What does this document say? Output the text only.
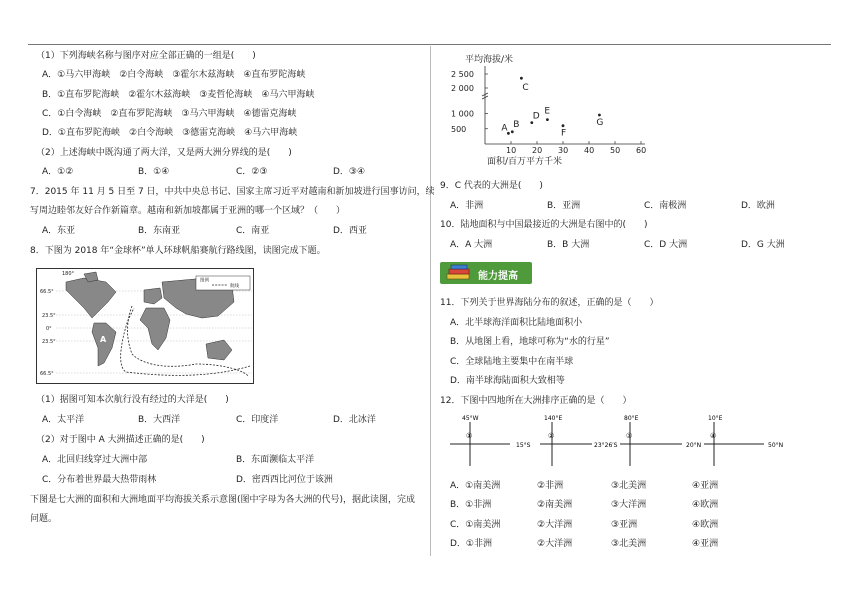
（1）下列海峡名称与图序对应全部正确的一组是(　　)
A．①马六甲海峡　②白令海峡　③霍尔木兹海峡　④直布罗陀海峡
B．①直布罗陀海峡　②霍尔木兹海峡　③麦哲伦海峡　④马六甲海峡
C．①白令海峡　②直布罗陀海峡　③马六甲海峡　④德雷克海峡
D．①直布罗陀海峡　②白令海峡　③德雷克海峡　④马六甲海峡
（2）上述海峡中既沟通了两大洋，又是两大洲分界线的是(　　)
A．①②	B．①④	C．②③	D．③④
7．2015 年 11 月 5 日至 7 日，中共中央总书记、国家主席习近平对越南和新加坡进行国事访问，续
写周边睦邻友好合作新篇章。越南和新加坡都属于亚洲的哪一个区域？（　　）
A．东亚	B．东南亚	C．南亚	D．西亚
8．下图为 2018 年“金球杯”单人环球帆船赛航行路线图，读图完成下题。
180°
66.5°
23.5°
0°
23.5°
66.5°
A
图例
航线
（1）据图可知本次航行没有经过的大洋是(　　)
A．太平洋	B．大西洋	C．印度洋	D．北冰洋
（2）对于图中 A 大洲描述正确的是(　　)
A．北回归线穿过大洲中部	B．东面濒临太平洋
C．分布着世界最大热带雨林	D．密西西比河位于该洲
下图是七大洲的面积和大洲地面平均海拔关系示意图(图中字母为各大洲的代号)，据此读图，完成
问题。
平均海拔/米
面积/百万平方千米
10 20 30 40 50 60
500
1 000
2 000
2 500
A B
C
D
E
F
G
9．C 代表的大洲是(　　)
A．非洲	B．亚洲	C．南极洲	D．欧洲
10．陆地面积与中国最接近的大洲是右图中的(　　)
A．A 大洲	B．B 大洲	C．D 大洲	D．G 大洲
能力提高
11．下列关于世界海陆分布的叙述，正确的是（　　）
A．北半球海洋面积比陆地面积小
B．从地图上看，地球可称为“水的行星”
C．全球陆地主要集中在南半球
D．南半球海陆面积大致相等
12．下图中四地所在大洲排序正确的是（　　）
45°W
①
15°S
140°E
②
23°26′S
80°E
③
20°N
10°E
④
50°N
A．①南美洲	②非洲	③北美洲	④亚洲
B．①非洲	②南美洲	③大洋洲	④欧洲
C．①南美洲	②大洋洲	③亚洲	④欧洲
D．①非洲	②大洋洲	③北美洲	④亚洲
